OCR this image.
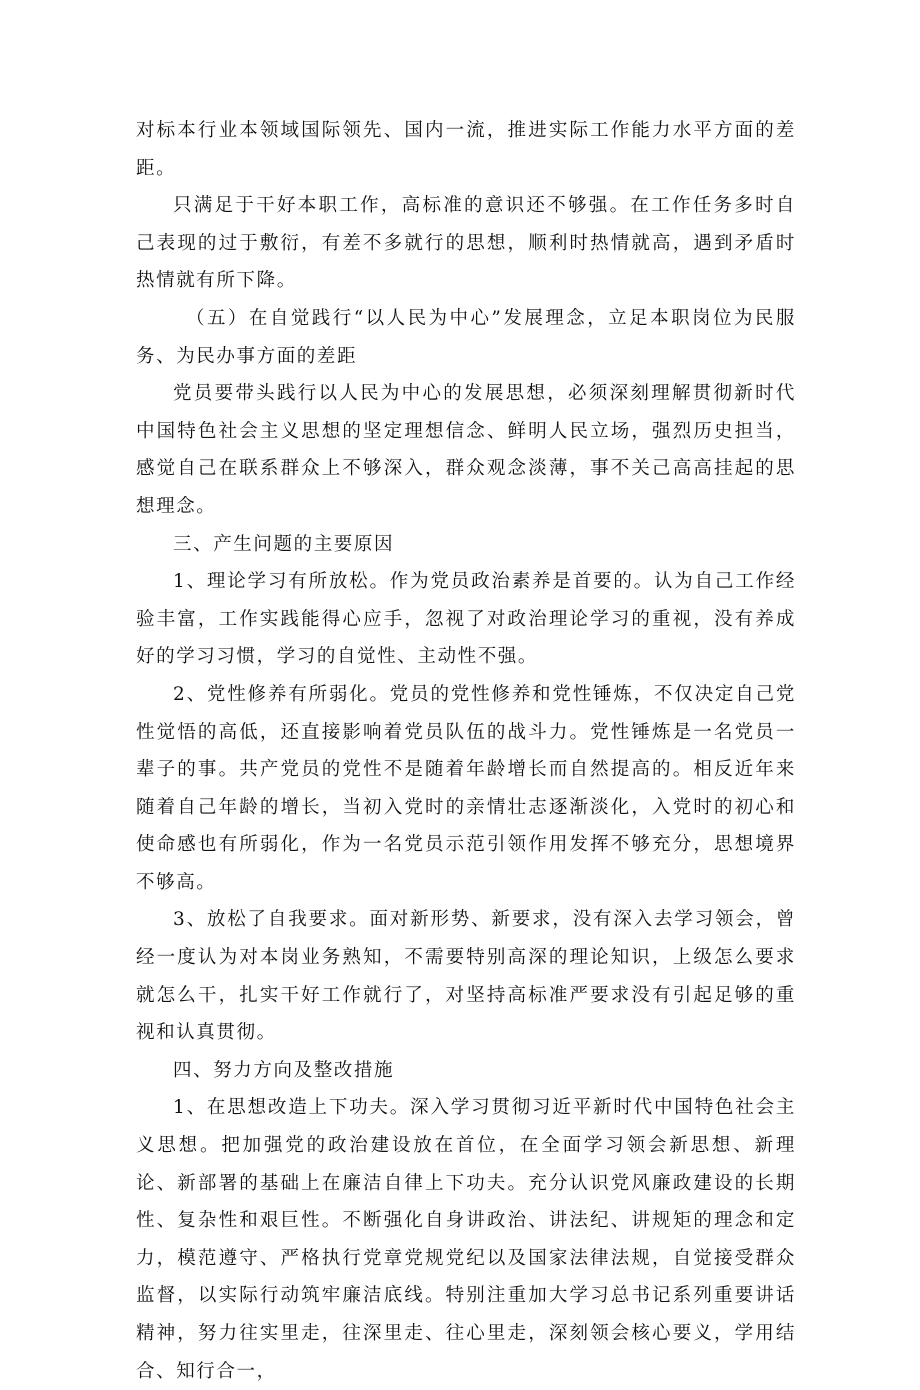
对标本行业本领域国际领先、国内一流，推进实际工作能力水平方面的差距。

只满足于干好本职工作，高标准的意识还不够强。在工作任务多时自己表现的过于敷衍，有差不多就行的思想，顺利时热情就高，遇到矛盾时热情就有所下降。

（五）在自觉践行“以人民为中心”发展理念，立足本职岗位为民服务、为民办事方面的差距

党员要带头践行以人民为中心的发展思想，必须深刻理解贯彻新时代中国特色社会主义思想的坚定理想信念、鲜明人民立场，强烈历史担当，感觉自己在联系群众上不够深入，群众观念淡薄，事不关己高高挂起的思想理念。

三、产生问题的主要原因

1、理论学习有所放松。作为党员政治素养是首要的。认为自己工作经验丰富，工作实践能得心应手，忽视了对政治理论学习的重视，没有养成好的学习习惯，学习的自觉性、主动性不强。

2、党性修养有所弱化。党员的党性修养和党性锤炼，不仅决定自己党性觉悟的高低，还直接影响着党员队伍的战斗力。党性锤炼是一名党员一辈子的事。共产党员的党性不是随着年龄增长而自然提高的。相反近年来随着自己年龄的增长，当初入党时的亲情壮志逐渐淡化，入党时的初心和使命感也有所弱化，作为一名党员示范引领作用发挥不够充分，思想境界不够高。

3、放松了自我要求。面对新形势、新要求，没有深入去学习领会，曾经一度认为对本岗业务熟知，不需要特别高深的理论知识，上级怎么要求就怎么干，扎实干好工作就行了，对坚持高标准严要求没有引起足够的重视和认真贯彻。

四、努力方向及整改措施

1、在思想改造上下功夫。深入学习贯彻习近平新时代中国特色社会主义思想。把加强党的政治建设放在首位，在全面学习领会新思想、新理论、新部署的基础上在廉洁自律上下功夫。充分认识党风廉政建设的长期性、复杂性和艰巨性。不断强化自身讲政治、讲法纪、讲规矩的理念和定力，模范遵守、严格执行党章党规党纪以及国家法律法规，自觉接受群众监督，以实际行动筑牢廉洁底线。特别注重加大学习总书记系列重要讲话精神，努力往实里走，往深里走、往心里走，深刻领会核心要义，学用结合、知行合一，
